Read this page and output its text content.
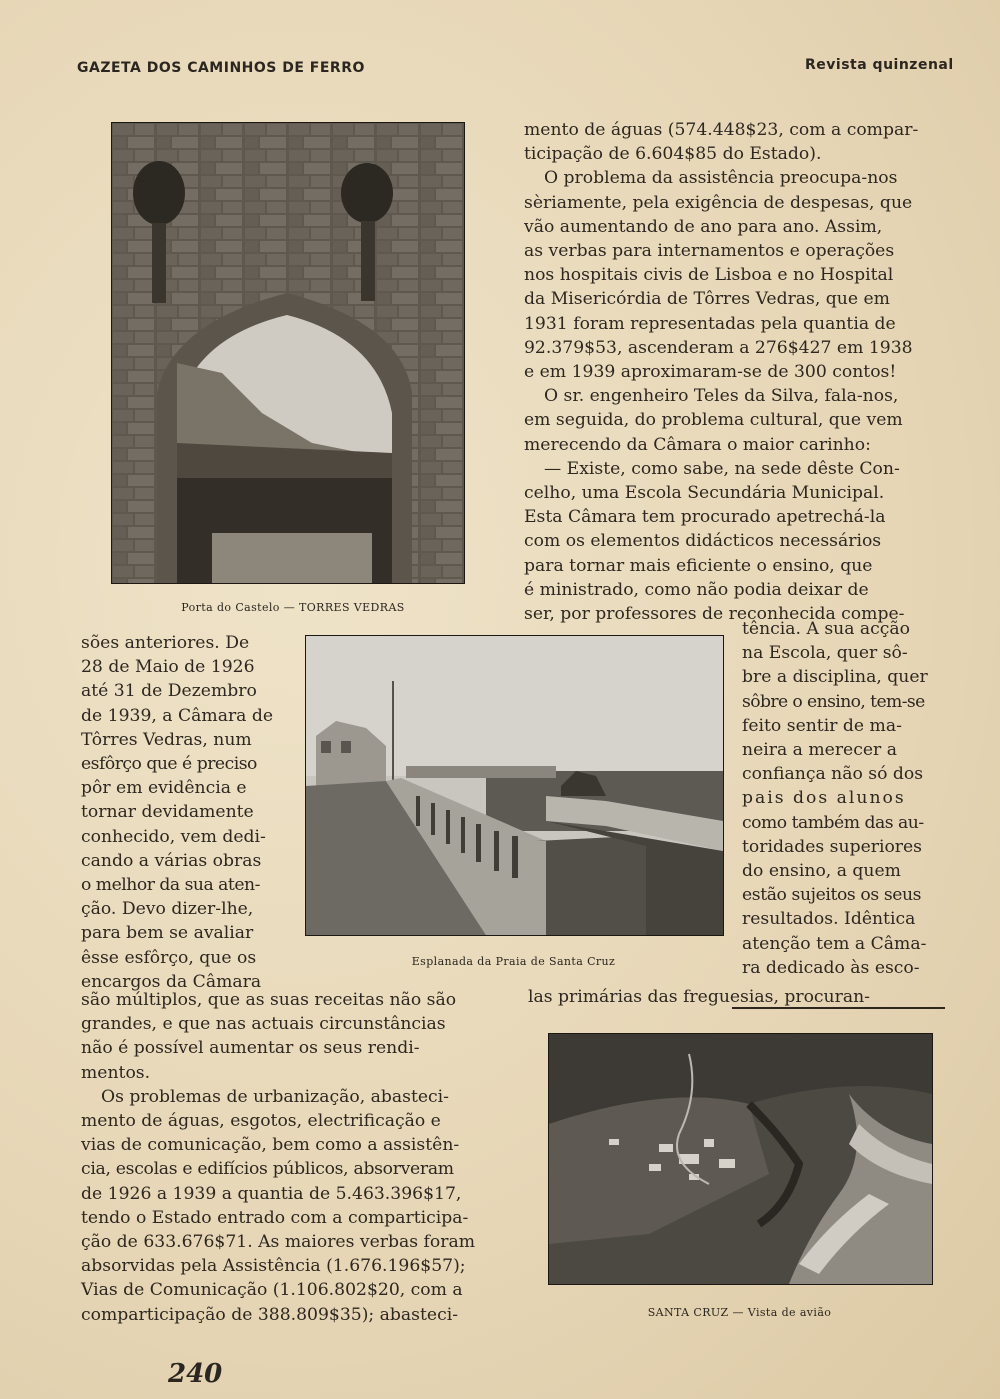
GAZETA DOS CAMINHOS DE FERRO	Revista quinzenal
Porta do Castelo — TORRES VEDRAS

mento de águas (574.448$23, com a compar-

ticipação de 6.604$85 do Estado).

O problema da assistência preocupa-nos

sèriamente, pela exigência de despesas, que

vão aumentando de ano para ano. Assim,

as verbas para internamentos e operações

nos hospitais civis de Lisboa e no Hospital

da Misericórdia de Tôrres Vedras, que em

1931 foram representadas pela quantia de

92.379$53, ascenderam a 276$427 em 1938

e em 1939 aproximaram-se de 300 contos!

O sr. engenheiro Teles da Silva, fala-nos,

em seguida, do problema cultural, que vem

merecendo da Câmara o maior carinho:

— Existe, como sabe, na sede dêste Con-

celho, uma Escola Secundária Municipal.

Esta Câmara tem procurado apetrechá-la

com os elementos didácticos necessários

para tornar mais eficiente o ensino, que

é ministrado, como não podia deixar de

ser, por professores de reconhecida compe-

tência. A sua acção

na Escola, quer sô-

bre a disciplina, quer

sôbre o ensino, tem-se

feito sentir de ma-

neira a merecer a

confiança não só dos

pais dos alunos

como também das au-

toridades superiores

do ensino, a quem

estão sujeitos os seus

resultados. Idêntica

atenção tem a Câma-

ra dedicado às esco-

las primárias das freguesias, procuran-
Esplanada da Praia de Santa Cruz

sões anteriores. De

28 de Maio de 1926

até 31 de Dezembro

de 1939, a Câmara de

Tôrres Vedras, num

esfôrço que é preciso

pôr em evidência e

tornar devidamente

conhecido, vem dedi-

cando a várias obras

o melhor da sua aten-

ção. Devo dizer-lhe,

para bem se avaliar

êsse esfôrço, que os

encargos da Câmara

são múltiplos, que as suas receitas não são

grandes, e que nas actuais circunstâncias

não é possível aumentar os seus rendi-

mentos.

Os problemas de urbanização, abasteci-

mento de águas, esgotos, electrificação e

vias de comunicação, bem como a assistên-

cia, escolas e edifícios públicos, absorveram

de 1926 a 1939 a quantia de 5.463.396$17,

tendo o Estado entrado com a comparticipa-

ção de 633.676$71. As maiores verbas foram

absorvidas pela Assistência (1.676.196$57);

Vias de Comunicação (1.106.802$20, com a

comparticipação de 388.809$35); abasteci-	SANTA CRUZ — Vista de avião
240
